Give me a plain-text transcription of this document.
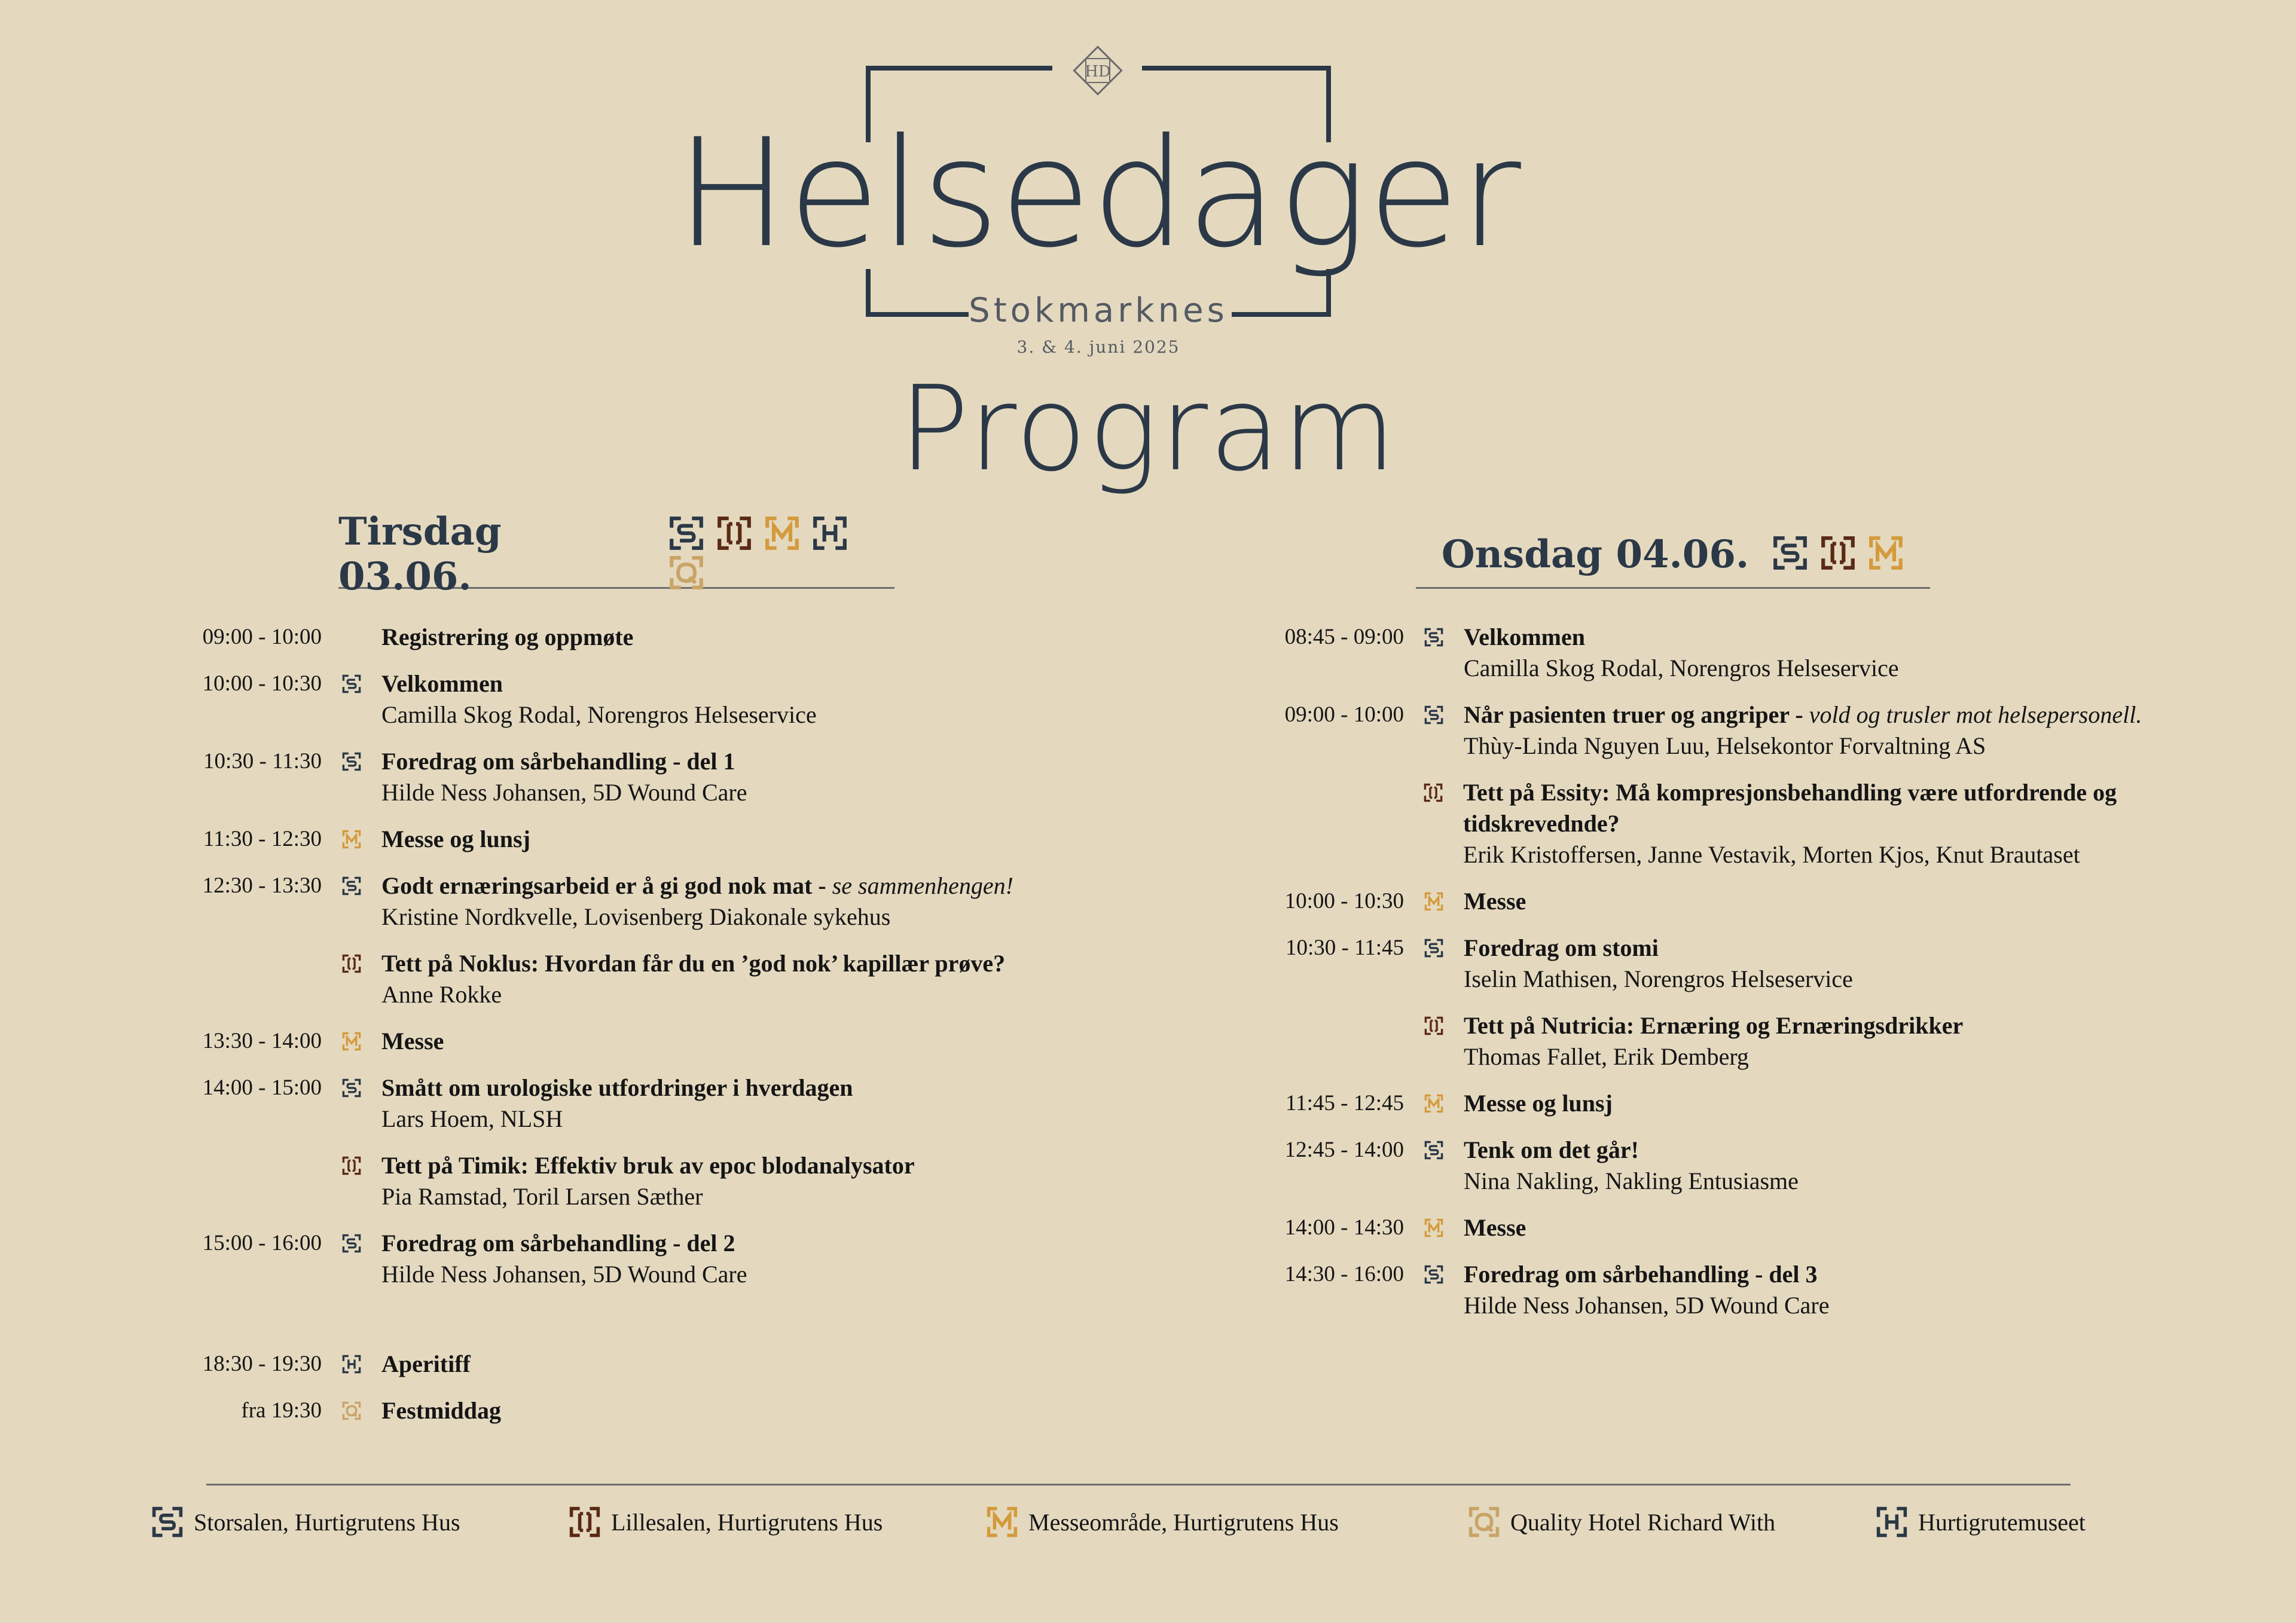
HD
Helsedager
Stokmarknes
3. & 4. juni 2025
Program
Tirsdag 03.06.	Onsdag 04.06.
09:00 - 10:00	Registrering og oppmøte
10:00 - 10:30	Velkommen
Camilla Skog Rodal, Norengros Helseservice
10:30 - 11:30	Foredrag om sårbehandling - del 1
Hilde Ness Johansen, 5D Wound Care
11:30 - 12:30	Messe og lunsj
12:30 - 13:30	Godt ernæringsarbeid er å gi god nok mat - se sammenhengen!
Kristine Nordkvelle, Lovisenberg Diakonale sykehus
Tett på Noklus: Hvordan får du en ’god nok’ kapillær prøve?
Anne Rokke
13:30 - 14:00	Messe
14:00 - 15:00	Smått om urologiske utfordringer i hverdagen
Lars Hoem, NLSH
Tett på Timik: Effektiv bruk av epoc blodanalysator
Pia Ramstad, Toril Larsen Sæther
15:00 - 16:00	Foredrag om sårbehandling - del 2
Hilde Ness Johansen, 5D Wound Care
18:30 - 19:30	Aperitiff
fra 19:30	Festmiddag
08:45 - 09:00	Velkommen
Camilla Skog Rodal, Norengros Helseservice
09:00 - 10:00	Når pasienten truer og angriper - vold og trusler mot helsepersonell.
Thùy-Linda Nguyen Luu, Helsekontor Forvaltning AS
Tett på Essity: Må kompresjonsbehandling være utfordrende og tidskrevednde?
Erik Kristoffersen, Janne Vestavik, Morten Kjos, Knut Brautaset
10:00 - 10:30	Messe
10:30 - 11:45	Foredrag om stomi
Iselin Mathisen, Norengros Helseservice
Tett på Nutricia: Ernæring og Ernæringsdrikker
Thomas Fallet, Erik Demberg
11:45 - 12:45	Messe og lunsj
12:45 - 14:00	Tenk om det går!
Nina Nakling, Nakling Entusiasme
14:00 - 14:30	Messe
14:30 - 16:00	Foredrag om sårbehandling - del 3
Hilde Ness Johansen, 5D Wound Care
Storsalen, Hurtigrutens Hus	Lillesalen, Hurtigrutens Hus	Messeområde, Hurtigrutens Hus	Quality Hotel Richard With	Hurtigrutemuseet
